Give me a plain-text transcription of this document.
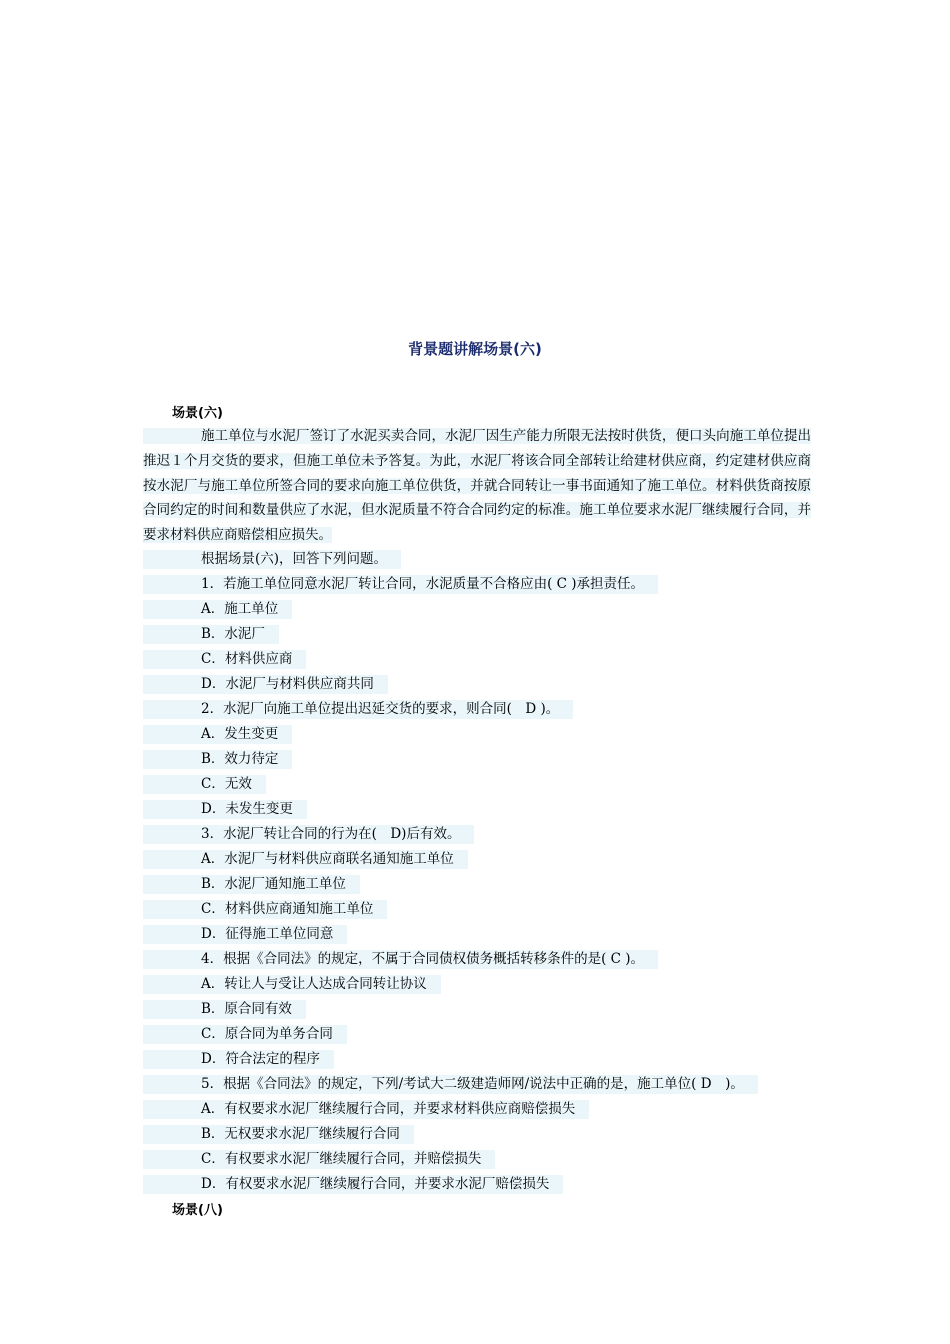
背景题讲解场景(六)
场景(六)
施工单位与水泥厂签订了水泥买卖合同，水泥厂因生产能力所限无法按时供货，便口头向施工单位提出推迟１个月交货的要求，但施工单位未予答复。为此，水泥厂将该合同全部转让给建材供应商，约定建材供应商按水泥厂与施工单位所签合同的要求向施工单位供货，并就合同转让一事书面通知了施工单位。材料供货商按原合同约定的时间和数量供应了水泥，但水泥质量不符合合同约定的标准。施工单位要求水泥厂继续履行合同，并要求材料供应商赔偿相应损失。
根据场景(六)，回答下列问题。
1．若施工单位同意水泥厂转让合同，水泥质量不合格应由( C )承担责任。
A．施工单位
B．水泥厂
C．材料供应商
D．水泥厂与材料供应商共同
2．水泥厂向施工单位提出迟延交货的要求，则合同(　D )。
A．发生变更
B．效力待定
C．无效
D．未发生变更
3．水泥厂转让合同的行为在(　D)后有效。
A．水泥厂与材料供应商联名通知施工单位
B．水泥厂通知施工单位
C．材料供应商通知施工单位
D．征得施工单位同意
4．根据《合同法》的规定，不属于合同债权债务概括转移条件的是( C )。
A．转让人与受让人达成合同转让协议
B．原合同有效
C．原合同为单务合同
D．符合法定的程序
5．根据《合同法》的规定，下列/考试大二级建造师网/说法中正确的是，施工单位( D　)。
A．有权要求水泥厂继续履行合同，并要求材料供应商赔偿损失
B．无权要求水泥厂继续履行合同
C．有权要求水泥厂继续履行合同，并赔偿损失
D．有权要求水泥厂继续履行合同，并要求水泥厂赔偿损失
场景(八)
